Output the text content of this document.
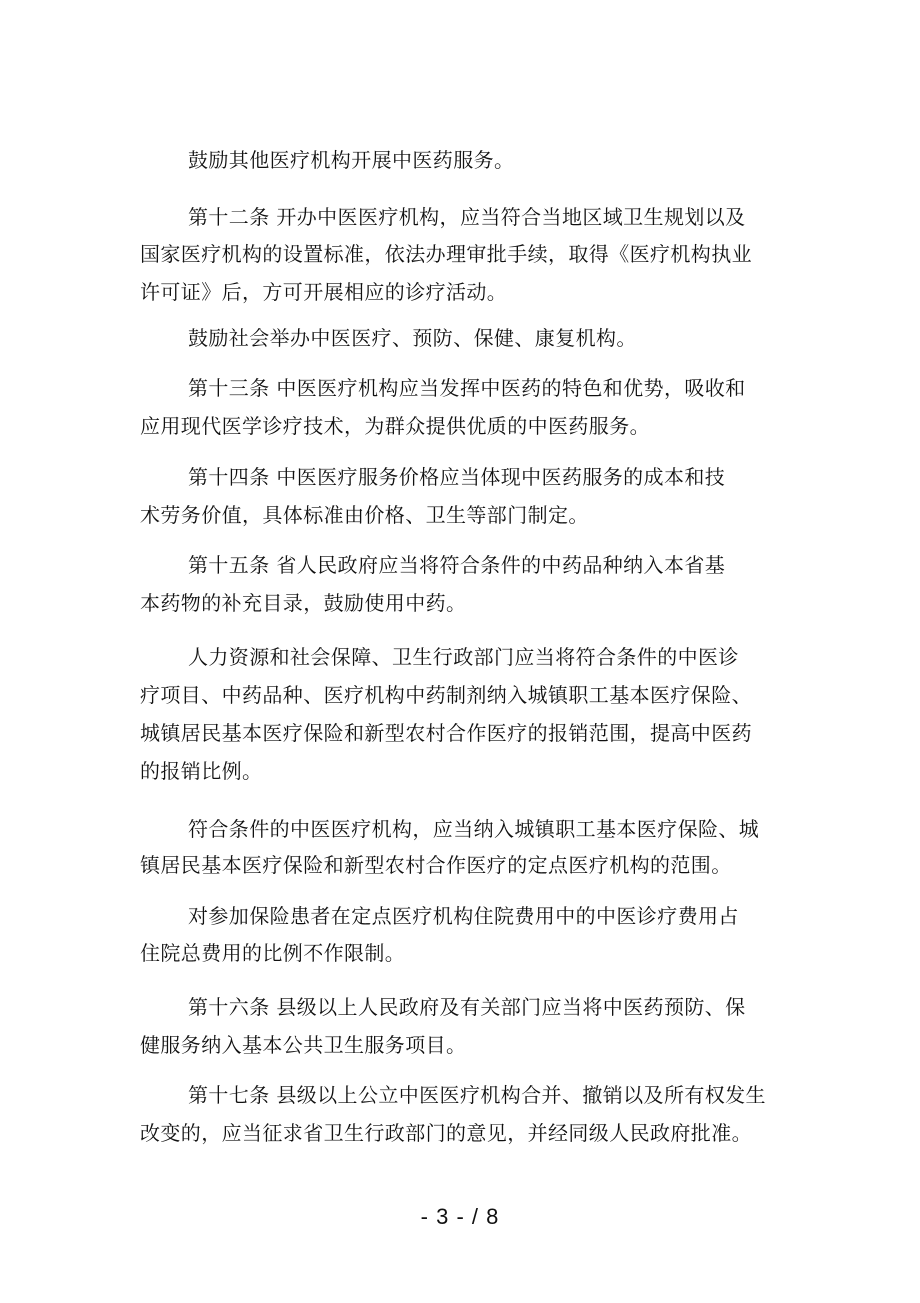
鼓励其他医疗机构开展中医药服务。
第十二条 开办中医医疗机构，应当符合当地区域卫生规划以及
国家医疗机构的设置标准，依法办理审批手续，取得《医疗机构执业
许可证》后，方可开展相应的诊疗活动。
鼓励社会举办中医医疗、预防、保健、康复机构。
第十三条 中医医疗机构应当发挥中医药的特色和优势，吸收和
应用现代医学诊疗技术，为群众提供优质的中医药服务。
第十四条 中医医疗服务价格应当体现中医药服务的成本和技
术劳务价值，具体标准由价格、卫生等部门制定。
第十五条 省人民政府应当将符合条件的中药品种纳入本省基
本药物的补充目录，鼓励使用中药。
人力资源和社会保障、卫生行政部门应当将符合条件的中医诊
疗项目、中药品种、医疗机构中药制剂纳入城镇职工基本医疗保险、
城镇居民基本医疗保险和新型农村合作医疗的报销范围，提高中医药
的报销比例。
符合条件的中医医疗机构，应当纳入城镇职工基本医疗保险、城
镇居民基本医疗保险和新型农村合作医疗的定点医疗机构的范围。
对参加保险患者在定点医疗机构住院费用中的中医诊疗费用占
住院总费用的比例不作限制。
第十六条 县级以上人民政府及有关部门应当将中医药预防、保
健服务纳入基本公共卫生服务项目。
第十七条 县级以上公立中医医疗机构合并、撤销以及所有权发生
改变的，应当征求省卫生行政部门的意见，并经同级人民政府批准。
- 3 - / 8
